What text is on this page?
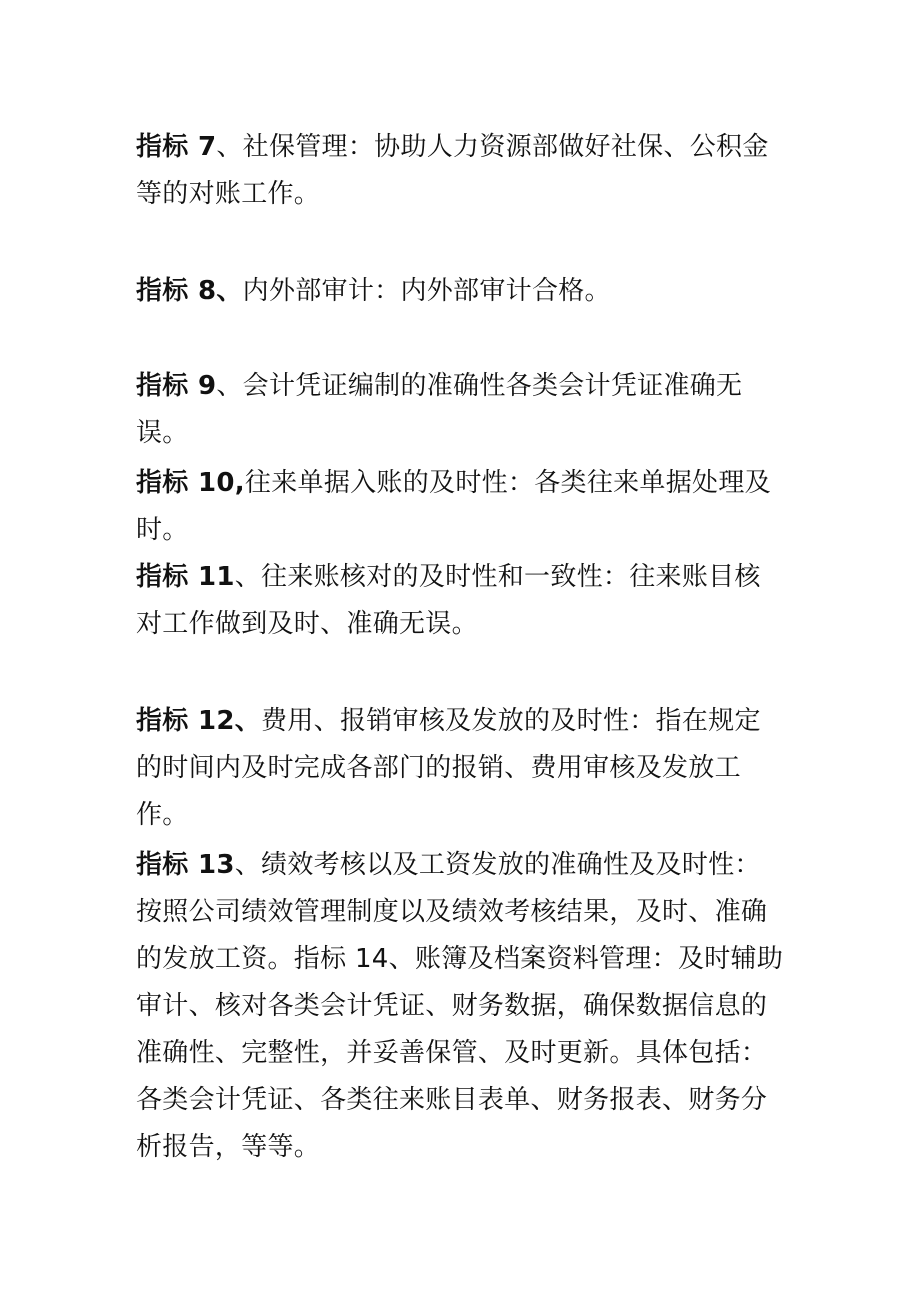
指标 7、社保管理：协助人力资源部做好社保、公积金等的对账工作。

指标 8、内外部审计：内外部审计合格。

指标 9、会计凭证编制的准确性各类会计凭证准确无误。

指标 10,往来单据入账的及时性：各类往来单据处理及时。

指标 11、往来账核对的及时性和一致性：往来账目核对工作做到及时、准确无误。

指标 12、费用、报销审核及发放的及时性：指在规定的时间内及时完成各部门的报销、费用审核及发放工作。

指标 13、绩效考核以及工资发放的准确性及及时性：按照公司绩效管理制度以及绩效考核结果，及时、准确的发放工资。指标 14、账簿及档案资料管理：及时辅助审计、核对各类会计凭证、财务数据，确保数据信息的准确性、完整性，并妥善保管、及时更新。具体包括：各类会计凭证、各类往来账目表单、财务报表、财务分析报告，等等。
